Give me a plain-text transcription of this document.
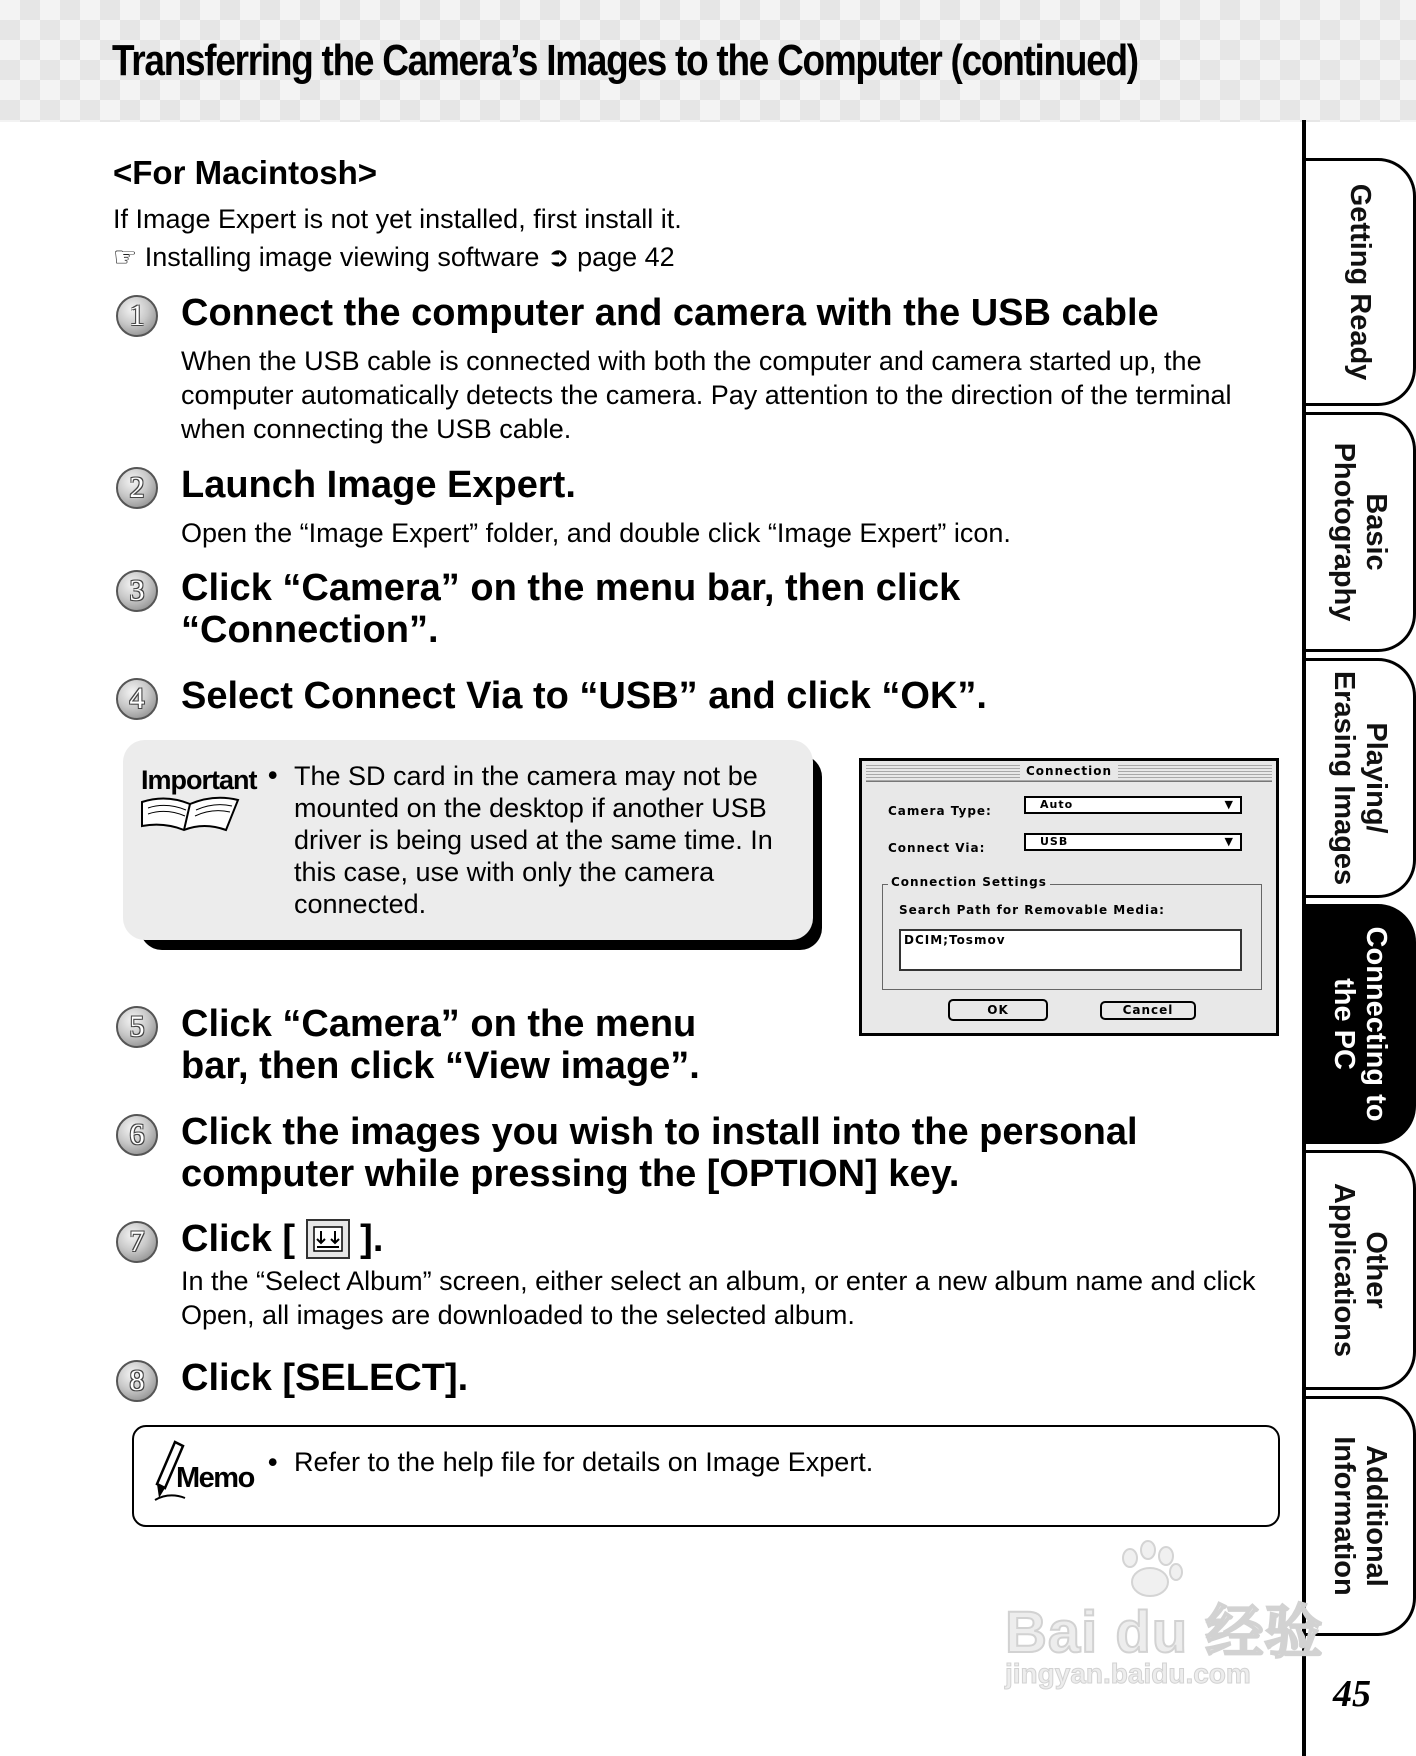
Transferring the Camera’s Images to the Computer (continued)
<For Macintosh>
If Image Expert is not yet installed, first install it.
☞ Installing image viewing software ➲ page 42
1 Connect the computer and camera with the USB cable

When the USB cable is connected with both the computer and camera started up, the computer automatically detects the camera. Pay attention to the direction of the terminal when connecting the USB cable.

2 Launch Image Expert.

Open the “Image Expert” folder, and double click “Image Expert” icon.

3 Click “Camera” on the menu bar, then click “Connection”.
4 Select Connect Via to “USB” and click “OK”.
Important • The SD card in the camera may not be mounted on the desktop if another USB driver is being used at the same time. In this case, use with only the camera connected.

Connection
Camera Type:	Auto	▼
Connect Via:	USB	▼
Connection Settings
Search Path for Removable Media:
DCIM;Tosmov
OK	Cancel
5 Click “Camera” on the menu bar, then click “View image”.
6 Click the images you wish to install into the personal computer while pressing the [OPTION] key.
7 Click [ ].

In the “Select Album” screen, either select an album, or enter a new album name and click Open, all images are downloaded to the selected album.

8 Click [SELECT].
Memo • Refer to the help file for details on Image Expert.

Getting Ready
Basic
Photography
Playing/
Erasing Images
Connecting to
the PC
Other
Applications
Additional
Information
Bai du 经验
jingyan.baidu.com 45
